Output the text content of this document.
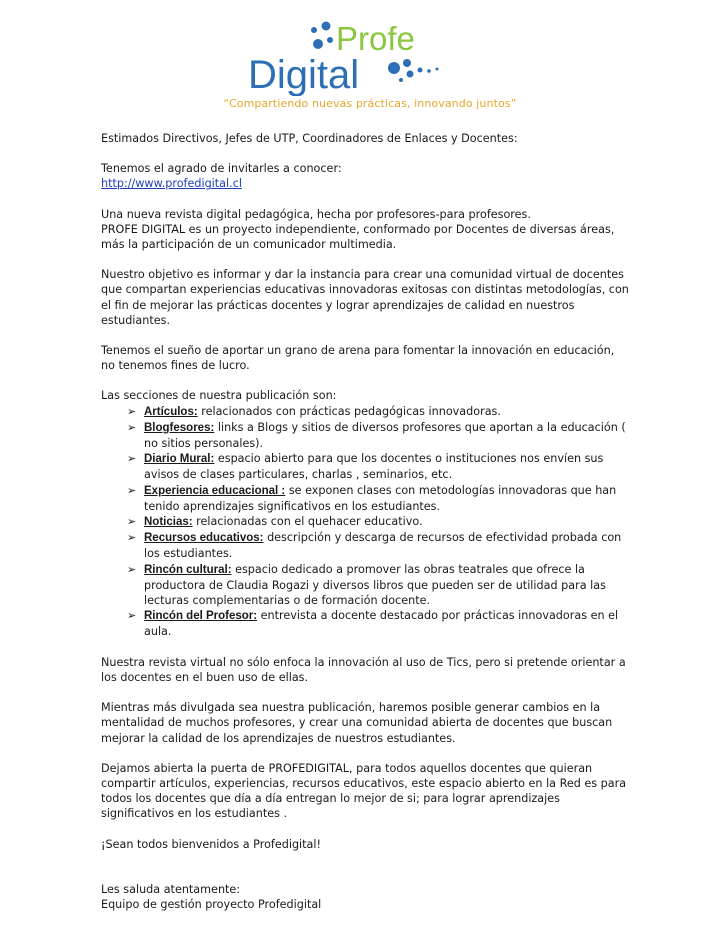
Profe
Digital
“Compartiendo nuevas prácticas, innovando juntos”

Estimados Directivos, Jefes de UTP, Coordinadores de Enlaces y Docentes:

Tenemos el agrado de invitarles a conocer:

http://www.profedigital.cl

Una nueva revista digital pedagógica, hecha por profesores-para profesores.

PROFE DIGITAL es un proyecto independiente, conformado por Docentes de diversas áreas, más la participación de un comunicador multimedia.

Nuestro objetivo es informar y dar la instancia para crear una comunidad virtual de docentes que compartan experiencias educativas innovadoras exitosas con distintas metodologías, con el fin de mejorar las prácticas docentes y lograr aprendizajes de calidad en nuestros estudiantes.

Tenemos el sueño de aportar un grano de arena para fomentar la innovación en educación, no tenemos fines de lucro.

Las secciones de nuestra publicación son:

➢ Artículos: relacionados con prácticas pedagógicas innovadoras.
➢ Blogfesores: links a Blogs y sitios de diversos profesores que aportan a la educación ( no sitios personales).
➢ Diario Mural: espacio abierto para que los docentes o instituciones nos envíen sus avisos de clases particulares, charlas , seminarios, etc.
➢ Experiencia educacional : se exponen clases con metodologías innovadoras que han tenido aprendizajes significativos en los estudiantes.
➢ Noticias: relacionadas con el quehacer educativo.
➢ Recursos educativos: descripción y descarga de recursos de efectividad probada con los estudiantes.
➢ Rincón cultural: espacio dedicado a promover las obras teatrales que ofrece la productora de Claudia Rogazi y diversos libros que pueden ser de utilidad para las lecturas complementarias o de formación docente.
➢ Rincón del Profesor: entrevista a docente destacado por prácticas innovadoras en el aula.

Nuestra revista virtual no sólo enfoca la innovación al uso de Tics, pero si pretende orientar a los docentes en el buen uso de ellas.

Mientras más divulgada sea nuestra publicación, haremos posible generar cambios en la mentalidad de muchos profesores, y crear una comunidad abierta de docentes que buscan mejorar la calidad de los aprendizajes de nuestros estudiantes.

Dejamos abierta la puerta de PROFEDIGITAL, para todos aquellos docentes que quieran compartir artículos, experiencias, recursos educativos, este espacio abierto en la Red es para todos los docentes que día a día entregan lo mejor de si; para lograr aprendizajes significativos en los estudiantes .

¡Sean todos bienvenidos a Profedigital!

Les saluda atentamente:

Equipo de gestión proyecto Profedigital
